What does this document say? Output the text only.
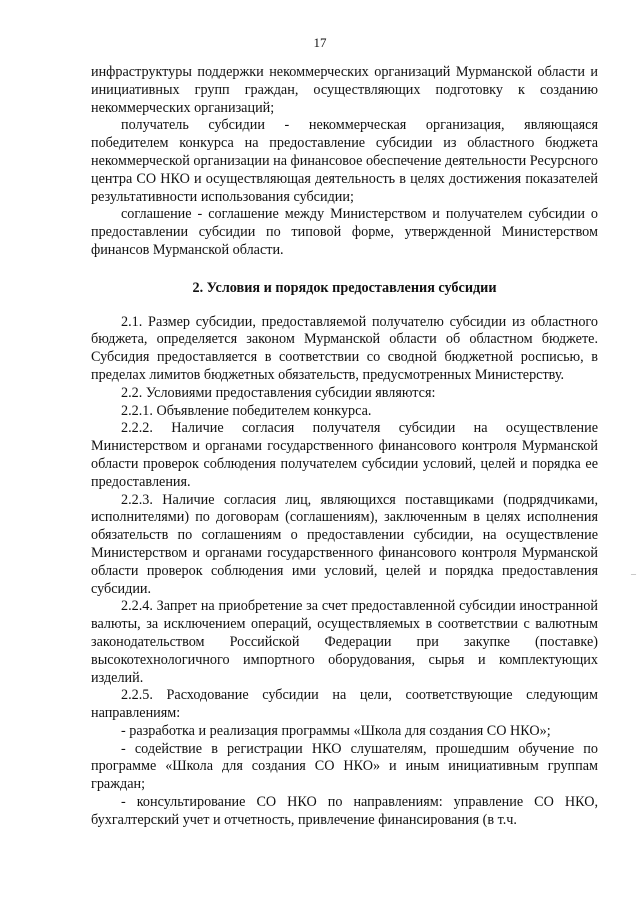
17

инфраструктуры поддержки некоммерческих организаций Мурманской области и инициативных групп граждан, осуществляющих подготовку к созданию некоммерческих организаций;

получатель субсидии - некоммерческая организация, являющаяся победителем конкурса на предоставление субсидии из областного бюджета некоммерческой организации на финансовое обеспечение деятельности Ресурсного центра СО НКО и осуществляющая деятельность в целях достижения показателей результативности использования субсидии;

соглашение - соглашение между Министерством и получателем субсидии о предоставлении субсидии по типовой форме, утвержденной Министерством финансов Мурманской области.

2. Условия и порядок предоставления субсидии

2.1. Размер субсидии, предоставляемой получателю субсидии из областного бюджета, определяется законом Мурманской области об областном бюджете. Субсидия предоставляется в соответствии со сводной бюджетной росписью, в пределах лимитов бюджетных обязательств, предусмотренных Министерству.

2.2. Условиями предоставления субсидии являются:

2.2.1. Объявление победителем конкурса.

2.2.2. Наличие согласия получателя субсидии на осуществление Министерством и органами государственного финансового контроля Мурманской области проверок соблюдения получателем субсидии условий, целей и порядка ее предоставления.

2.2.3. Наличие согласия лиц, являющихся поставщиками (подрядчиками, исполнителями) по договорам (соглашениям), заключенным в целях исполнения обязательств по соглашениям о предоставлении субсидии, на осуществление Министерством и органами государственного финансового контроля Мурманской области проверок соблюдения ими условий, целей и порядка предоставления субсидии.

2.2.4. Запрет на приобретение за счет предоставленной субсидии иностранной валюты, за исключением операций, осуществляемых в соответствии с валютным законодательством Российской Федерации при закупке (поставке) высокотехнологичного импортного оборудования, сырья и комплектующих изделий.

2.2.5. Расходование субсидии на цели, соответствующие следующим направлениям:

- разработка и реализация программы «Школа для создания СО НКО»;

- содействие в регистрации НКО слушателям, прошедшим обучение по программе «Школа для создания СО НКО» и иным инициативным группам граждан;

- консультирование СО НКО по направлениям: управление СО НКО, бухгалтерский учет и отчетность, привлечение финансирования (в т.ч.

–
